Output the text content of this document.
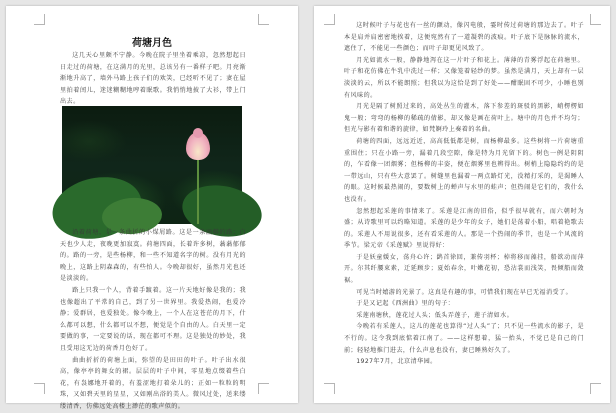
荷塘月色

这几天心里颇不宁静。今晚在院子里坐着乘凉，忽然想起日日走过的荷塘，在这满月的光里，总该另有一番样子吧。月亮渐渐地升高了，墙外马路上孩子们的欢笑，已经听不见了；妻在屋里拍着闰儿，迷迷糊糊地哼着眠歌。我悄悄地披了大衫，带上门出去。

沿着荷塘，是一条曲折的小煤屑路。这是一条幽僻的路；白天也少人走，夜晚更加寂寞。荷塘四面，长着许多树，蓊蓊郁郁的。路的一旁，是些杨柳，和一些不知道名字的树。没有月光的晚上，这路上阴森森的，有些怕人。今晚却很好，虽然月光也还是淡淡的。

路上只我一个人，背着手踱着。这一片天地好像是我的；我也像超出了平常的自己，到了另一世界里。我爱热闹，也爱冷静；爱群居，也爱独处。像今晚上，一个人在这苍茫的月下，什么都可以想，什么都可以不想，便觉是个自由的人。白天里一定要做的事，一定要说的话，现在都可不理。这是独处的妙处，我且受用这无边的荷香月色好了。

曲曲折折的荷塘上面，弥望的是田田的叶子。叶子出水很高，像亭亭的舞女的裙。层层的叶子中间，零星地点缀着些白花，有袅娜地开着的，有羞涩地打着朵儿的；正如一粒粒的明珠，又如碧天里的星星，又如刚出浴的美人。微风过处，送来缕缕清香，仿佛远处高楼上渺茫的歌声似的。

这时候叶子与花也有一丝的颤动，像闪电般，霎时传过荷塘的那边去了。叶子本是肩并肩密密地挨着，这便宛然有了一道凝碧的波痕。叶子底下是脉脉的流水，遮住了，不能见一些颜色；而叶子却更见风致了。

月光如流水一般，静静地泻在这一片叶子和花上。薄薄的青雾浮起在荷塘里。叶子和花仿佛在牛乳中洗过一样；又像笼着轻纱的梦。虽然是满月，天上却有一层淡淡的云，所以不能朗照；但我以为这恰是到了好处——酣眠固不可少，小睡也别有风味的。

月光是隔了树照过来的，高处丛生的灌木，落下参差的斑驳的黑影，峭楞楞如鬼一般；弯弯的杨柳的稀疏的倩影，却又像是画在荷叶上。塘中的月色并不均匀；但光与影有着和谐的旋律，如梵婀玲上奏着的名曲。

荷塘的四面，远远近近，高高低低都是树，而杨柳最多。这些树将一片荷塘重重围住；只在小路一旁，漏着几段空隙，像是特为月光留下的。树色一例是阴阴的，乍看像一团烟雾；但杨柳的丰姿，便在烟雾里也辨得出。树梢上隐隐约约的是一带远山，只有些大意罢了。树缝里也漏着一两点路灯光，没精打采的，是渴睡人的眼。这时候最热闹的，要数树上的蝉声与水里的蛙声；但热闹是它们的，我什么也没有。

忽然想起采莲的事情来了。采莲是江南的旧俗，似乎很早就有，而六朝时为盛；从诗歌里可以约略知道。采莲的是少年的女子，她们是荡着小船，唱着艳歌去的。采莲人不用说很多，还有看采莲的人。那是一个热闹的季节，也是一个风流的季节。梁元帝《采莲赋》里说得好：

于是妖童媛女，荡舟心许；鹢首徐回，兼传羽杯；棹将移而藻挂，船欲动而萍开。尔其纤腰束素，迁延顾步；夏始春余，叶嫩花初，恐沾裳而浅笑，畏倾船而敛裾。

可见当时嬉游的光景了。这真是有趣的事，可惜我们现在早已无福消受了。

于是又记起《西洲曲》里的句子：

采莲南塘秋，莲花过人头；低头弄莲子，莲子清如水。

今晚若有采莲人，这儿的莲花也算得“过人头”了；只不见一些流水的影子，是不行的。这令我到底惦着江南了。——这样想着，猛一抬头，不觉已是自己的门前；轻轻地推门进去，什么声息也没有，妻已睡熟好久了。

1927年7月，北京清华园。
